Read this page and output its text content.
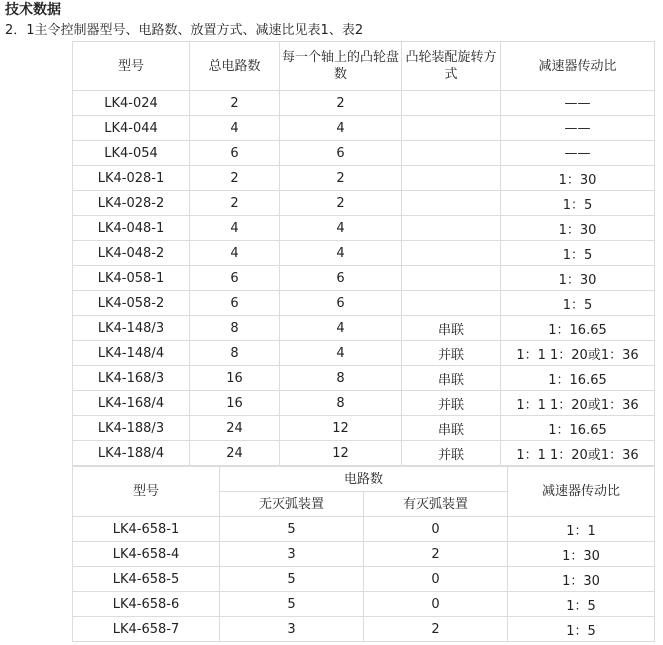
技术数据
2．1主令控制器型号、电路数、放置方式、减速比见表1、表2
型号	总电路数	每一个轴上的凸轮盘数	凸轮装配旋转方式	减速器传动比
LK4-024	2	2		——
LK4-044	4	4		——
LK4-054	6	6		——
LK4-028-1	2	2		1：30
LK4-028-2	2	2		1：5
LK4-048-1	4	4		1：30
LK4-048-2	4	4		1：5
LK4-058-1	6	6		1：30
LK4-058-2	6	6		1：5
LK4-148/3	8	4	串联	1：16.65
LK4-148/4	8	4	并联	1：1 1：20或1：36
LK4-168/3	16	8	串联	1：16.65
LK4-168/4	16	8	并联	1：1 1：20或1：36
LK4-188/3	24	12	串联	1：16.65
LK4-188/4	24	12	并联	1：1 1：20或1：36
型号	电路数		减速器传动比
	无灭弧装置	有灭弧装置	
LK4-658-1	5	0	1：1
LK4-658-4	3	2	1：30
LK4-658-5	5	0	1：30
LK4-658-6	5	0	1：5
LK4-658-7	3	2	1：5
